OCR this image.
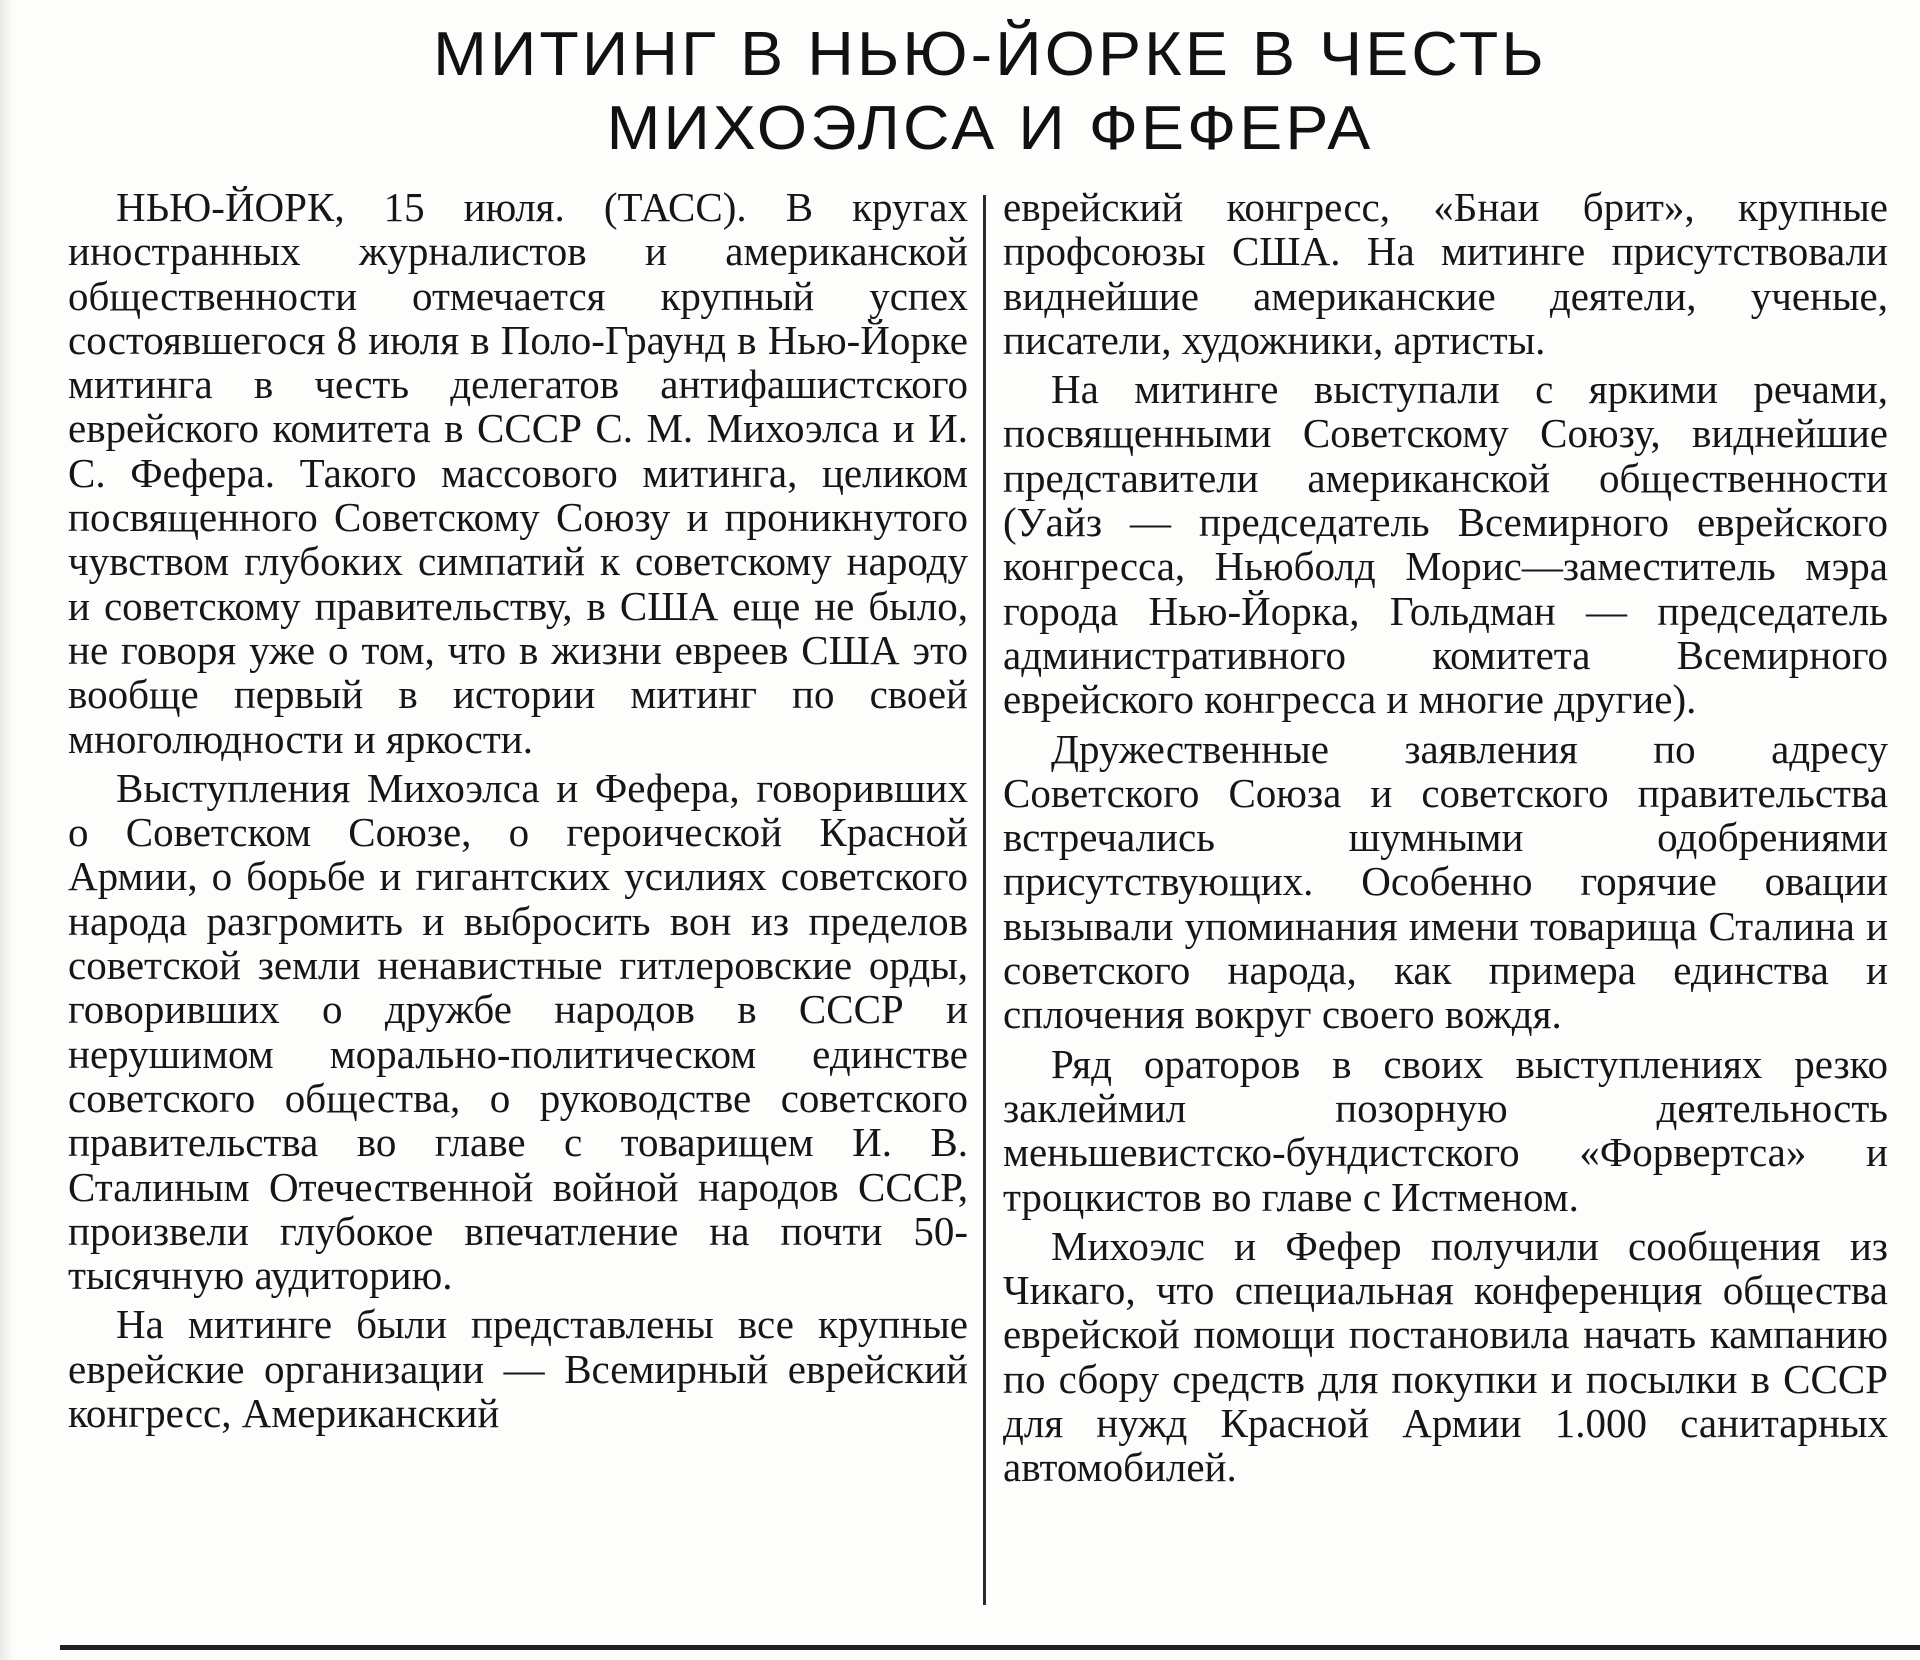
МИТИНГ В НЬЮ-ЙОРКЕ В ЧЕСТЬ
МИХОЭЛСА И ФЕФЕРА

НЬЮ-ЙОРК, 15 июля. (ТАСС). В кругах иностранных журналистов и американской общественности отмечается крупный успех состоявшегося 8 июля в Поло-Граунд в Нью-Йорке митинга в честь делегатов антифашистского еврейского комитета в СССР С. М. Михоэлса и И. С. Фефера. Такого массового митинга, целиком посвященного Советскому Союзу и проникнутого чувством глубоких симпатий к советскому народу и советскому правительству, в США еще не было, не говоря уже о том, что в жизни евреев США это вообще первый в истории митинг по своей многолюдности и яркости.

Выступления Михоэлса и Фефера, говоривших о Советском Союзе, о героической Красной Армии, о борьбе и гигантских усилиях советского народа разгромить и выбросить вон из пределов советской земли ненавистные гитлеровские орды, говоривших о дружбе народов в СССР и нерушимом морально-политическом единстве советского общества, о руководстве советского правительства во главе с товарищем И. В. Сталиным Отечественной войной народов СССР, произвели глубокое впечатление на почти 50-тысячную аудиторию.

На митинге были представлены все крупные еврейские организации — Всемирный еврейский конгресс, Американский

еврейский конгресс, «Бнаи брит», крупные профсоюзы США. На митинге присутствовали виднейшие американские деятели, ученые, писатели, художники, артисты.

На митинге выступали с яркими речами, посвященными Советскому Союзу, виднейшие представители американской общественности (Уайз — председатель Всемирного еврейского конгресса, Ньюболд Морис—заместитель мэра города Нью-Йорка, Гольдман — председатель административного комитета Всемирного еврейского конгресса и многие другие).

Дружественные заявления по адресу Советского Союза и советского правительства встречались шумными одобрениями присутствующих. Особенно горячие овации вызывали упоминания имени товарища Сталина и советского народа, как примера единства и сплочения вокруг своего вождя.

Ряд ораторов в своих выступлениях резко заклеймил позорную деятельность меньшевистско-бундистского «Форвертса» и троцкистов во главе с Истменом.

Михоэлс и Фефер получили сообщения из Чикаго, что специальная конференция общества еврейской помощи постановила начать кампанию по сбору средств для покупки и посылки в СССР для нужд Красной Армии 1.000 санитарных автомобилей.
